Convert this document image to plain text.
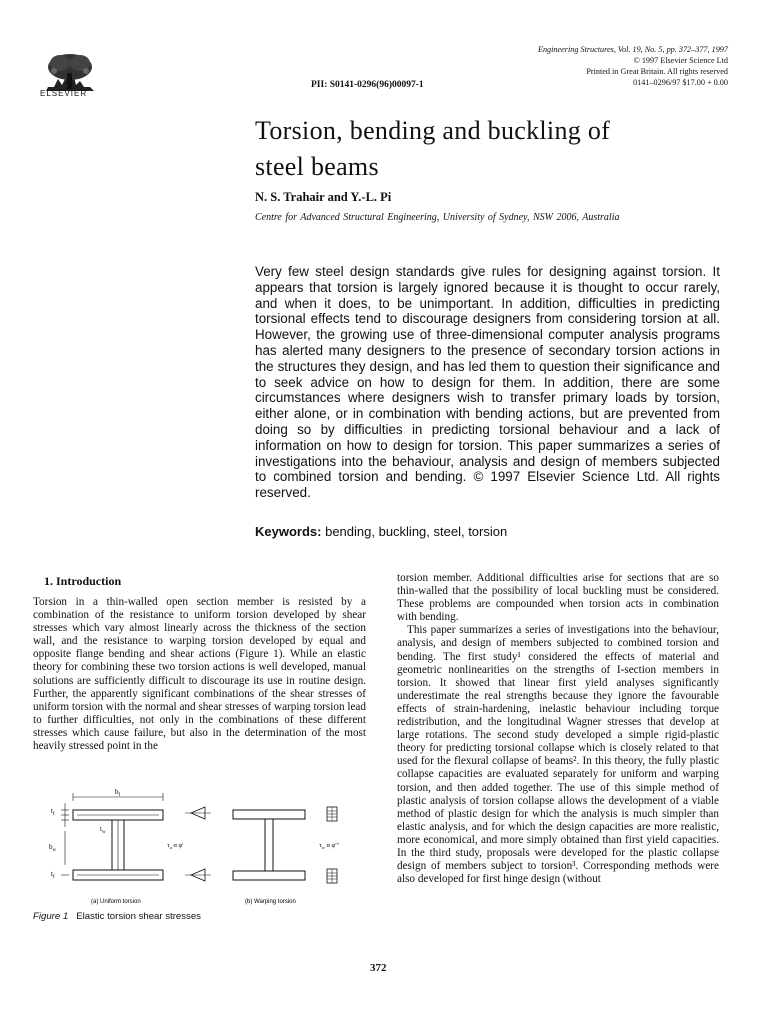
ELSEVIER
PII: S0141-0296(96)00097-1
Engineering Structures, Vol. 19, No. 5, pp. 372–377, 1997
© 1997 Elsevier Science Ltd
Printed in Great Britain. All rights reserved
0141–0296/97 $17.00 + 0.00
Torsion, bending and buckling of
steel beams
N. S. Trahair and Y.-L. Pi
Centre for Advanced Structural Engineering, University of Sydney, NSW 2006, Australia
Very few steel design standards give rules for designing against torsion. It appears that torsion is largely ignored because it is thought to occur rarely, and when it does, to be unimportant. In addition, difficulties in predicting torsional effects tend to discourage designers from considering torsion at all. However, the growing use of three-dimensional computer analysis programs has alerted many designers to the presence of secondary torsion actions in the structures they design, and has led them to question their significance and to seek advice on how to design for them. In addition, there are some circumstances where designers wish to transfer primary loads by torsion, either alone, or in combination with bending actions, but are prevented from doing so by difficulties in predicting torsional behaviour and a lack of information on how to design for torsion. This paper summarizes a series of investigations into the behaviour, analysis and design of members subjected to combined torsion and bending. © 1997 Elsevier Science Ltd. All rights reserved.
Keywords: bending, buckling, steel, torsion
1. Introduction

Torsion in a thin-walled open section member is resisted by a combination of the resistance to uniform torsion developed by shear stresses which vary almost linearly across the thickness of the section wall, and the resistance to warping torsion developed by equal and opposite flange bending and shear actions (Figure 1). While an elastic theory for combining these two torsion actions is well developed, manual solutions are sufficiently difficult to discourage its use in routine design. Further, the apparently significant combinations of the shear stresses of uniform torsion with the normal and shear stresses of warping torsion lead to further difficulties, not only in the combinations of these different stresses which cause failure, but also in the determination of the most heavily stressed point in the

torsion member. Additional difficulties arise for sections that are so thin-walled that the possibility of local buckling must be considered. These problems are compounded when torsion acts in combination with bending.

This paper summarizes a series of investigations into the behaviour, analysis, and design of members subjected to combined torsion and bending. The first study¹ considered the effects of material and geometric nonlinearities on the strengths of I-section members in torsion. It showed that linear first yield analyses significantly underestimate the real strengths because they ignore the favourable effects of strain-hardening, inelastic behaviour including torque redistribution, and the longitudinal Wagner stresses that develop at large rotations. The second study developed a simple rigid-plastic theory for predicting torsional collapse which is closely related to that used for the flexural collapse of beams². In this theory, the fully plastic collapse capacities are evaluated separately for uniform and warping torsion, and then added together. The use of this simple method of plastic analysis of torsion collapse allows the development of a viable method of plastic design for which the analysis is much simpler than elastic analysis, and for which the design capacities are more realistic, more economical, and more simply obtained than first yield capacities. In the third study, proposals were developed for the plastic collapse design of members subject to torsion³. Corresponding methods were also developed for first hinge design (without

$b_f$
$t_f$
$t_w$
$b_w$
$t_f$
$\tau_u$ α φ'	$\tau_w$ α φ'''
(a) Uniform torsion	(b) Warping torsion
Figure 1 Elastic torsion shear stresses
372
